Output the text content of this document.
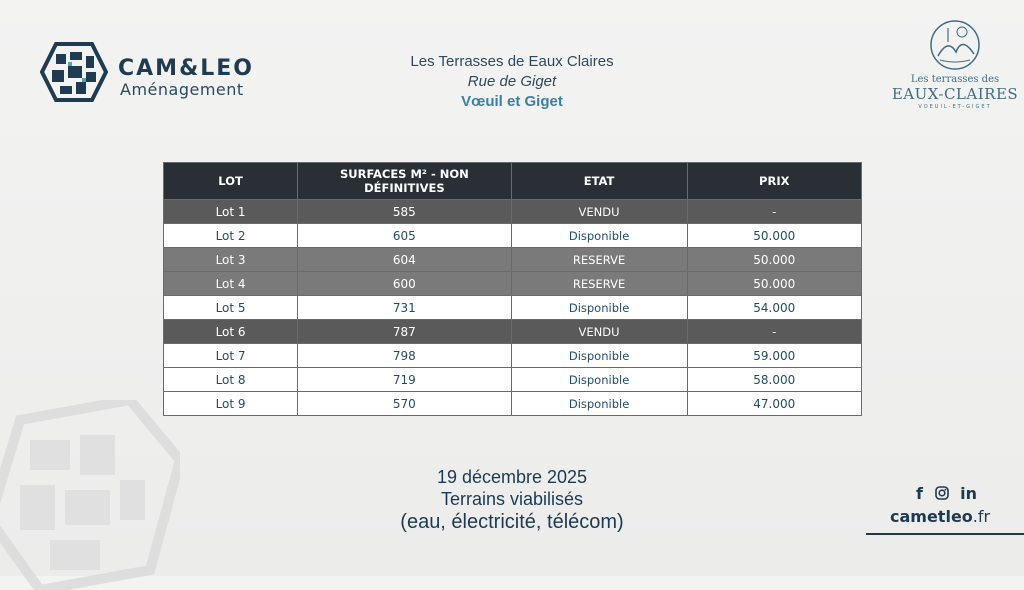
CAM&LEO
Aménagement
Les Terrasses de Eaux Claires
Rue de Giget
Vœuil et Giget
Les terrasses des
EAUX-CLAIRES
VOEUIL-ET-GIGET
LOT	SURFACES M² - NON DÉFINITIVES	ETAT	PRIX
Lot 1	585	VENDU	-
Lot 2	605	Disponible	50.000
Lot 3	604	RESERVE	50.000
Lot 4	600	RESERVE	50.000
Lot 5	731	Disponible	54.000
Lot 6	787	VENDU	-
Lot 7	798	Disponible	59.000
Lot 8	719	Disponible	58.000
Lot 9	570	Disponible	47.000
19 décembre 2025
Terrains viabilisés
(eau, électricité, télécom)
f in
cametleo.fr
